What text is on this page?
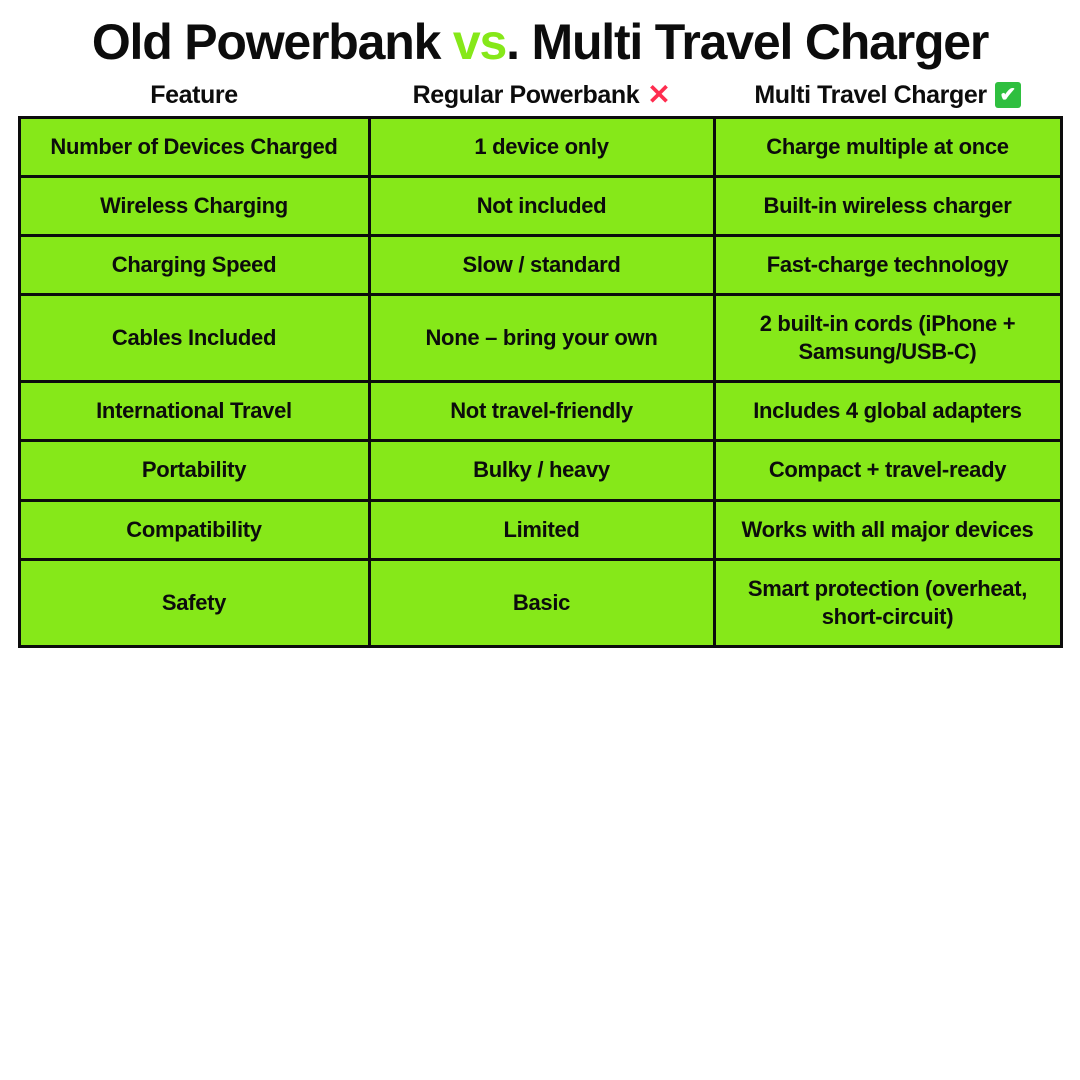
Old Powerbank vs. Multi Travel Charger
Feature	Regular Powerbank ✕	Multi Travel Charger ✔
Number of Devices Charged	1 device only	Charge multiple at once
Wireless Charging	Not included	Built-in wireless charger
Charging Speed	Slow / standard	Fast-charge technology
Cables Included	None – bring your own	2 built-in cords (iPhone + Samsung/USB-C)
International Travel	Not travel-friendly	Includes 4 global adapters
Portability	Bulky / heavy	Compact + travel-ready
Compatibility	Limited	Works with all major devices
Safety	Basic	Smart protection (overheat, short-circuit)
